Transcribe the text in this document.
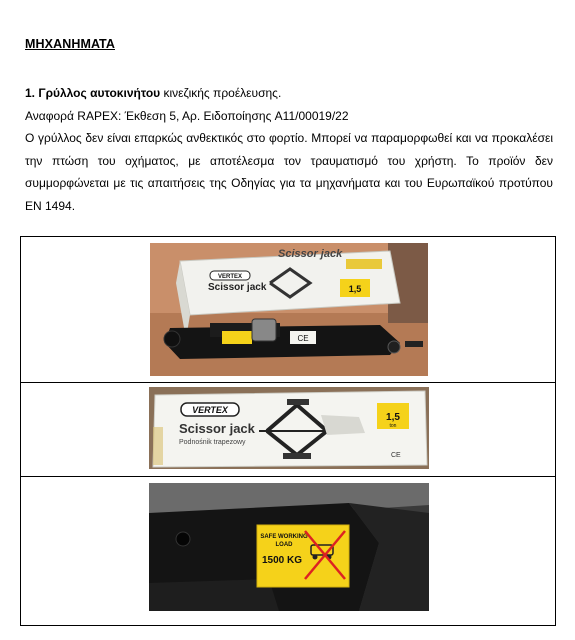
ΜΗΧΑΝΗΜΑΤΑ

1. Γρύλλος αυτοκινήτου κινεζικής προέλευσης.

Αναφορά RAPEX: Έκθεση 5, Αρ. Ειδοποίησης A11/00019/22

Ο γρύλλος δεν είναι επαρκώς ανθεκτικός στο φορτίο. Μπορεί να παραμορφωθεί και να προκαλέσει την πτώση του οχήματος, με αποτέλεσμα τον τραυματισμό του χρήστη. Το προϊόν δεν συμμορφώνεται με τις απαιτήσεις της Οδηγίας για τα μηχανήματα και του Ευρωπαϊκού προτύπου EN 1494.

VERTEX
Scissor jack
Scissor jack
1,5
CE
VERTEX
Scissor jack
Podnośnik trapezowy
1,5
ton
CE
SAFE WORKING
LOAD
1500 KG
